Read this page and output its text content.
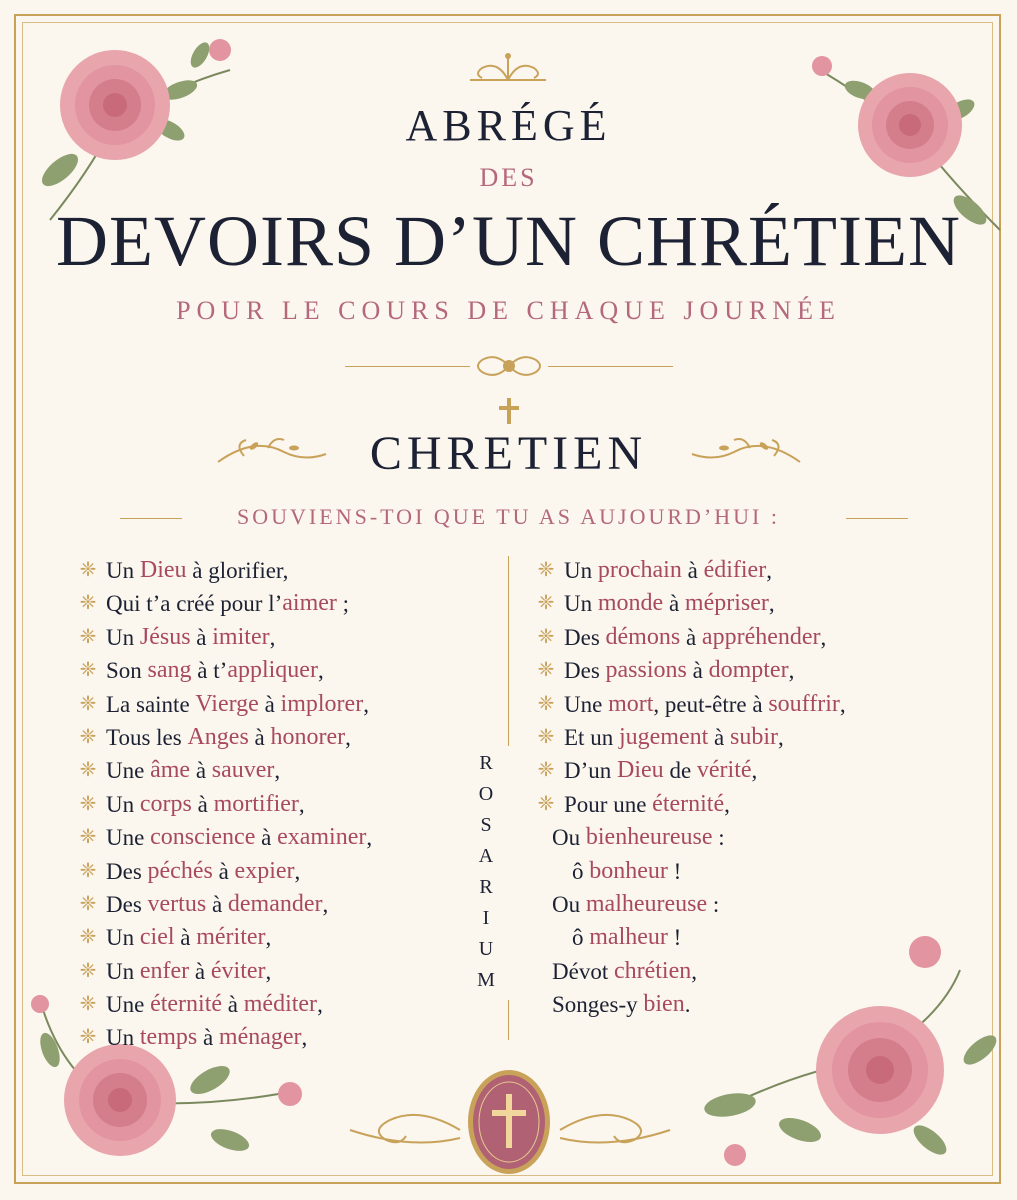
ABRÉGÉ
DES
DEVOIRS D’UN CHRÉTIEN
POUR LE COURS DE CHAQUE JOURNÉE
CHRETIEN
SOUVIENS-TOI QUE TU AS AUJOURD’HUI :
❈ Un Dieu à glorifier,
❈ Qui t’a créé pour l’ aimer ;
❈ Un Jésus à imiter ,
❈ Son sang à t’ appliquer ,
❈ La sainte Vierge à implorer ,
❈ Tous les Anges à honorer ,
❈ Une âme à sauver ,
❈ Un corps à mortifier ,
❈ Une conscience à examiner ,
❈ Des péchés à expier ,
❈ Des vertus à demander ,
❈ Un ciel à mériter ,
❈ Un enfer à éviter ,
❈ Une éternité à méditer ,
❈ Un temps à ménager ,
❈ Un prochain à édifier ,
❈ Un monde à mépriser ,
❈ Des démons à appréhender ,
❈ Des passions à dompter ,
❈ Une mort , peut-être à souffrir ,
❈ Et un jugement à subir ,
❈ D’un Dieu de vérité ,
❈ Pour une éternité ,
Ou bienheureuse :
ô bonheur !
Ou malheureuse :
ô malheur !
Dévot chrétien ,
Songes-y bien .
R
O
S
A
R
I
U
M
